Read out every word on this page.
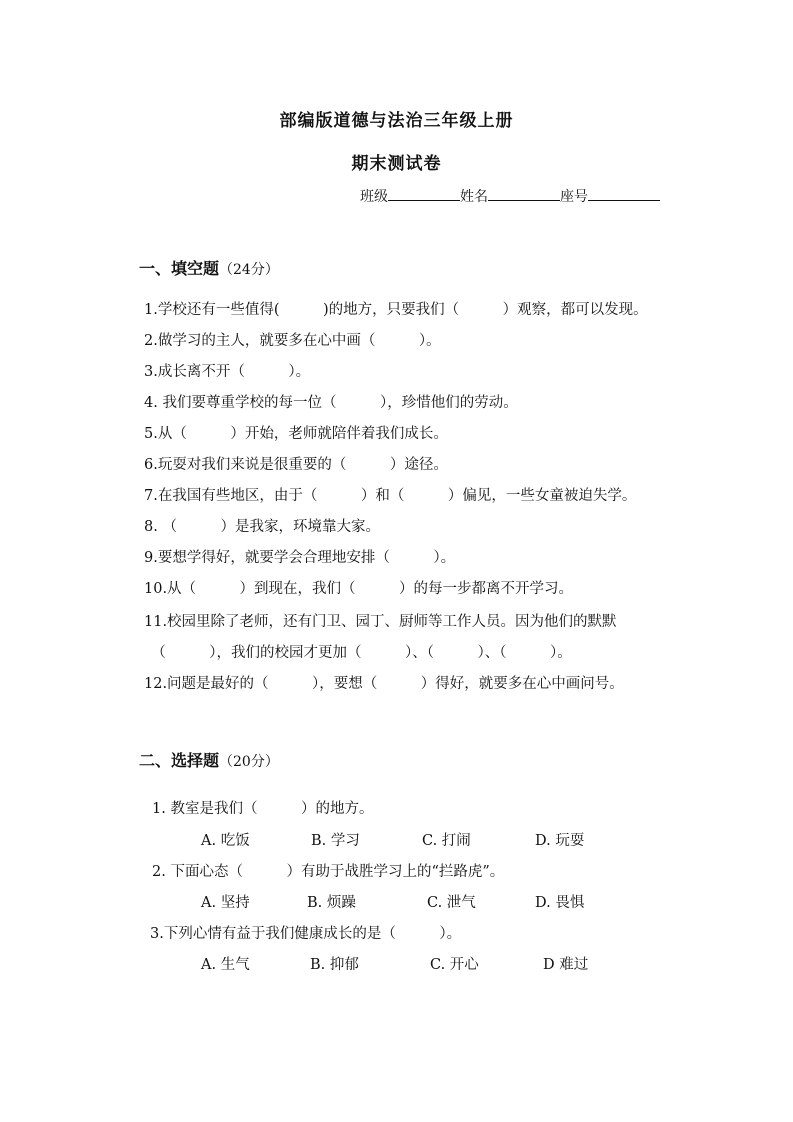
部编版道德与法治三年级上册
期末测试卷
班级	姓名	座号
一、填空题（24分）
1.学校还有一些值得(　　　)的地方，只要我们（　　　）观察，都可以发现。
2.做学习的主人，就要多在心中画（　　　）。
3.成长离不开（　　　）。
4. 我们要尊重学校的每一位（　　　），珍惜他们的劳动。
5.从（　　　）开始，老师就陪伴着我们成长。
6.玩耍对我们来说是很重要的（　　　）途径。
7.在我国有些地区，由于（　　　）和（　　　）偏见，一些女童被迫失学。
8. （　　　）是我家，环境靠大家。
9.要想学得好，就要学会合理地安排（　　　）。
10.从（　　　）到现在，我们（　　　）的每一步都离不开学习。
11.校园里除了老师，还有门卫、园丁、厨师等工作人员。因为他们的默默
　（　　　），我们的校园才更加（　　　）、（　　　）、（　　　）。
12.问题是最好的（　　　），要想（　　　）得好，就要多在心中画问号。
二、选择题（20分）
1. 教室是我们（　　　）的地方。
A. 吃饭	B. 学习	C. 打闹	D. 玩耍
2. 下面心态（　　　）有助于战胜学习上的“拦路虎”。
A. 坚持	B. 烦躁	C. 泄气	D. 畏惧
3.下列心情有益于我们健康成长的是（　　　）。
A. 生气	B. 抑郁	C. 开心	D 难过
